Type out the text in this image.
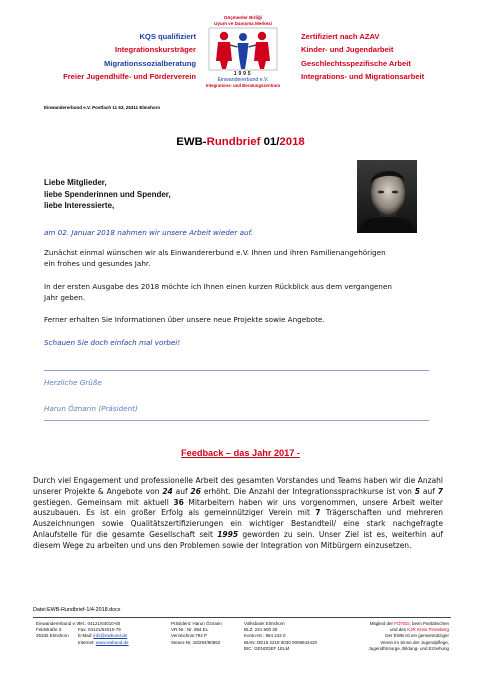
KQS qualifiziert
Integrationskursträger
Migrationssozialberatung
Freier Jugendhilfe- und Förderverein
Göçmenler Birliği
Uyum ve Danışma Merkezi
1995
Einwandererbund e.V.
Integrations- und Beratungszentrum
Zertifiziert nach AZAV
Kinder- und Jugendarbeit
Geschlechtsspezifische Arbeit
Integrations- und Migrationsarbeit
Einwandererbund e.V. Postfach 11 63, 25311 Elmshorn
EWB-Rundbrief 01/2018
Liebe Mitglieder,
liebe Spenderinnen und Spender,
liebe Interessierte,
am 02. Januar 2018 nahmen wir unsere Arbeit wieder auf.
Zunächst einmal wünschen wir als Einwandererbund e.V. Ihnen und ihren Familienangehörigen ein frohes und gesundes Jahr.
In der ersten Ausgabe des 2018 möchte ich Ihnen einen kurzen Rückblick aus dem vergangenen Jahr geben.
Ferner erhalten Sie Informationen über unsere neue Projekte sowie Angebote.
Schauen Sie doch einfach mal vorbei!
Herzliche Grüße
Harun Öznarin (Präsident)
Feedback – das Jahr 2017 -
Durch viel Engagement und professionelle Arbeit des gesamten Vorstandes und Teams haben wir die Anzahl unserer Projekte & Angebote von 24 auf 26 erhöht. Die Anzahl der Integrationssprachkurse ist von 5 auf 7 gestiegen. Gemeinsam mit aktuell 36 Mitarbeitern haben wir uns vorgenommen, unsere Arbeit weiter auszubauen. Es ist ein großer Erfolg als gemeinnütziger Verein mit 7 Trägerschaften und mehreren Auszeichnungen sowie Qualitätszertifizierungen ein wichtiger Bestandteil/ eine stark nachgefragte Anlaufstelle für die gesamte Gesellschaft seit 1995 geworden zu sein. Unser Ziel ist es, weiterhin auf diesem Wege zu arbeiten und uns den Problemen sowie der Integration von Mitbürgern einzusetzen.
Datei:EWB-Rundbrief-1/4-2018.docx
Einwandererbund e.V.
Feldstraße 3
25335 Elmshorn
Tel.: 04121/64010-60
Fax: 04121/64010-79
E-Mail: info@ewbund.de
Internet: www.ewbund.de
Präsident: Harun Öznarin
VR-Nr.: Nr. 994 EL
Verzeichnis:794 P
Steuer-Nr.:18/294/80652
Volksbank Elmshorn
BLZ: 221 900 30
Konto-Nr.: 864 242 0
IBAN: DE16 2219 0030 0008642420
BIC: GENODEF 1ELM
Mitglied der FÖTED, beim Paritätischen
und des KJR Kreis Pinneberg
Der EWB ist ein gemeinnütziger
Verein im Sinne der Jugendpflege,
Jugendfürsorge, Bildung- und Erziehung
